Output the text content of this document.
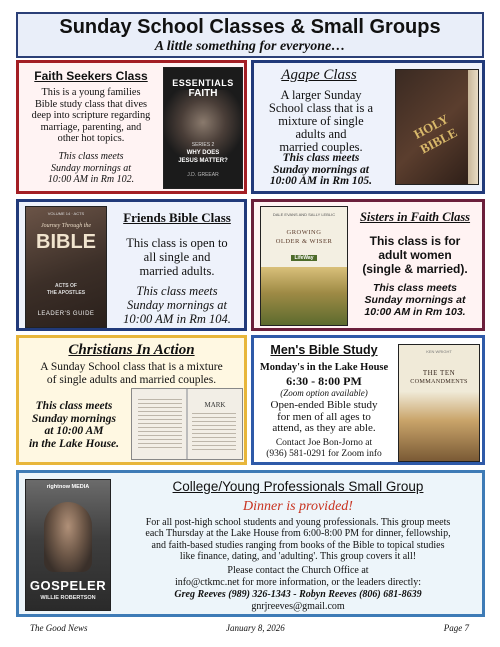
Sunday School Classes & Small Groups
A little something for everyone…
Faith Seekers Class
This is a young families
Bible study class that dives
deep into scripture regarding
marriage, parenting, and
other hot topics.
This class meets
Sunday mornings at
10:00 AM in Rm 102.
ESSENTIALS
FAITH
SERIES 2
WHY DOES
JESUS MATTER?
J.D. GREEAR
Agape Class
A larger Sunday
School class that is a
mixture of single
adults and
married couples.
This class meets
Sunday mornings at
10:00 AM in Rm 105.
HOLY BIBLE
VOLUME 14 · ACTS
Journey Through the
BIBLE
ACTS OF
THE APOSTLES
LEADER'S GUIDE
Friends Bible Class
This class is open to
all single and
married adults.
This class meets
Sunday mornings at
10:00 AM in Rm 104.
DALE EVANS AND SALLY LEBLIC
GROWING
OLDER & WISER
LifeWay
Sisters in Faith Class
This class is for
adult women
(single & married).
This class meets
Sunday mornings at
10:00 AM in Rm 103.
Christians In Action
A Sunday School class that is a mixture
of single adults and married couples.
This class meets
Sunday mornings
at 10:00 AM
in the Lake House.
MARK
Men's Bible Study
Monday's in the Lake House
6:30 - 8:00 PM
(Zoom option available)
Open-ended Bible study
for men of all ages to
attend, as they are able.
Contact Joe Bon-Jorno at
(936) 581-0291 for Zoom info
KEN WRIGHT
THE TEN
COMMANDMENTS
rightnow MEDIA
GOSPELER
WILLIE ROBERTSON
College/Young Professionals Small Group
Dinner is provided!
For all post-high school students and young professionals. This group meets
each Thursday at the Lake House from 6:00-8:00 PM for dinner, fellowship,
and faith-based studies ranging from books of the Bible to topical studies
like finance, dating, and 'adulting'. This group covers it all!
Please contact the Church Office at
info@ctkmc.net for more information, or the leaders directly:
Greg Reeves (989) 326-1343 - Robyn Reeves (806) 681-8639
gnrjreeves@gmail.com
The Good News	January 8, 2026	Page 7
